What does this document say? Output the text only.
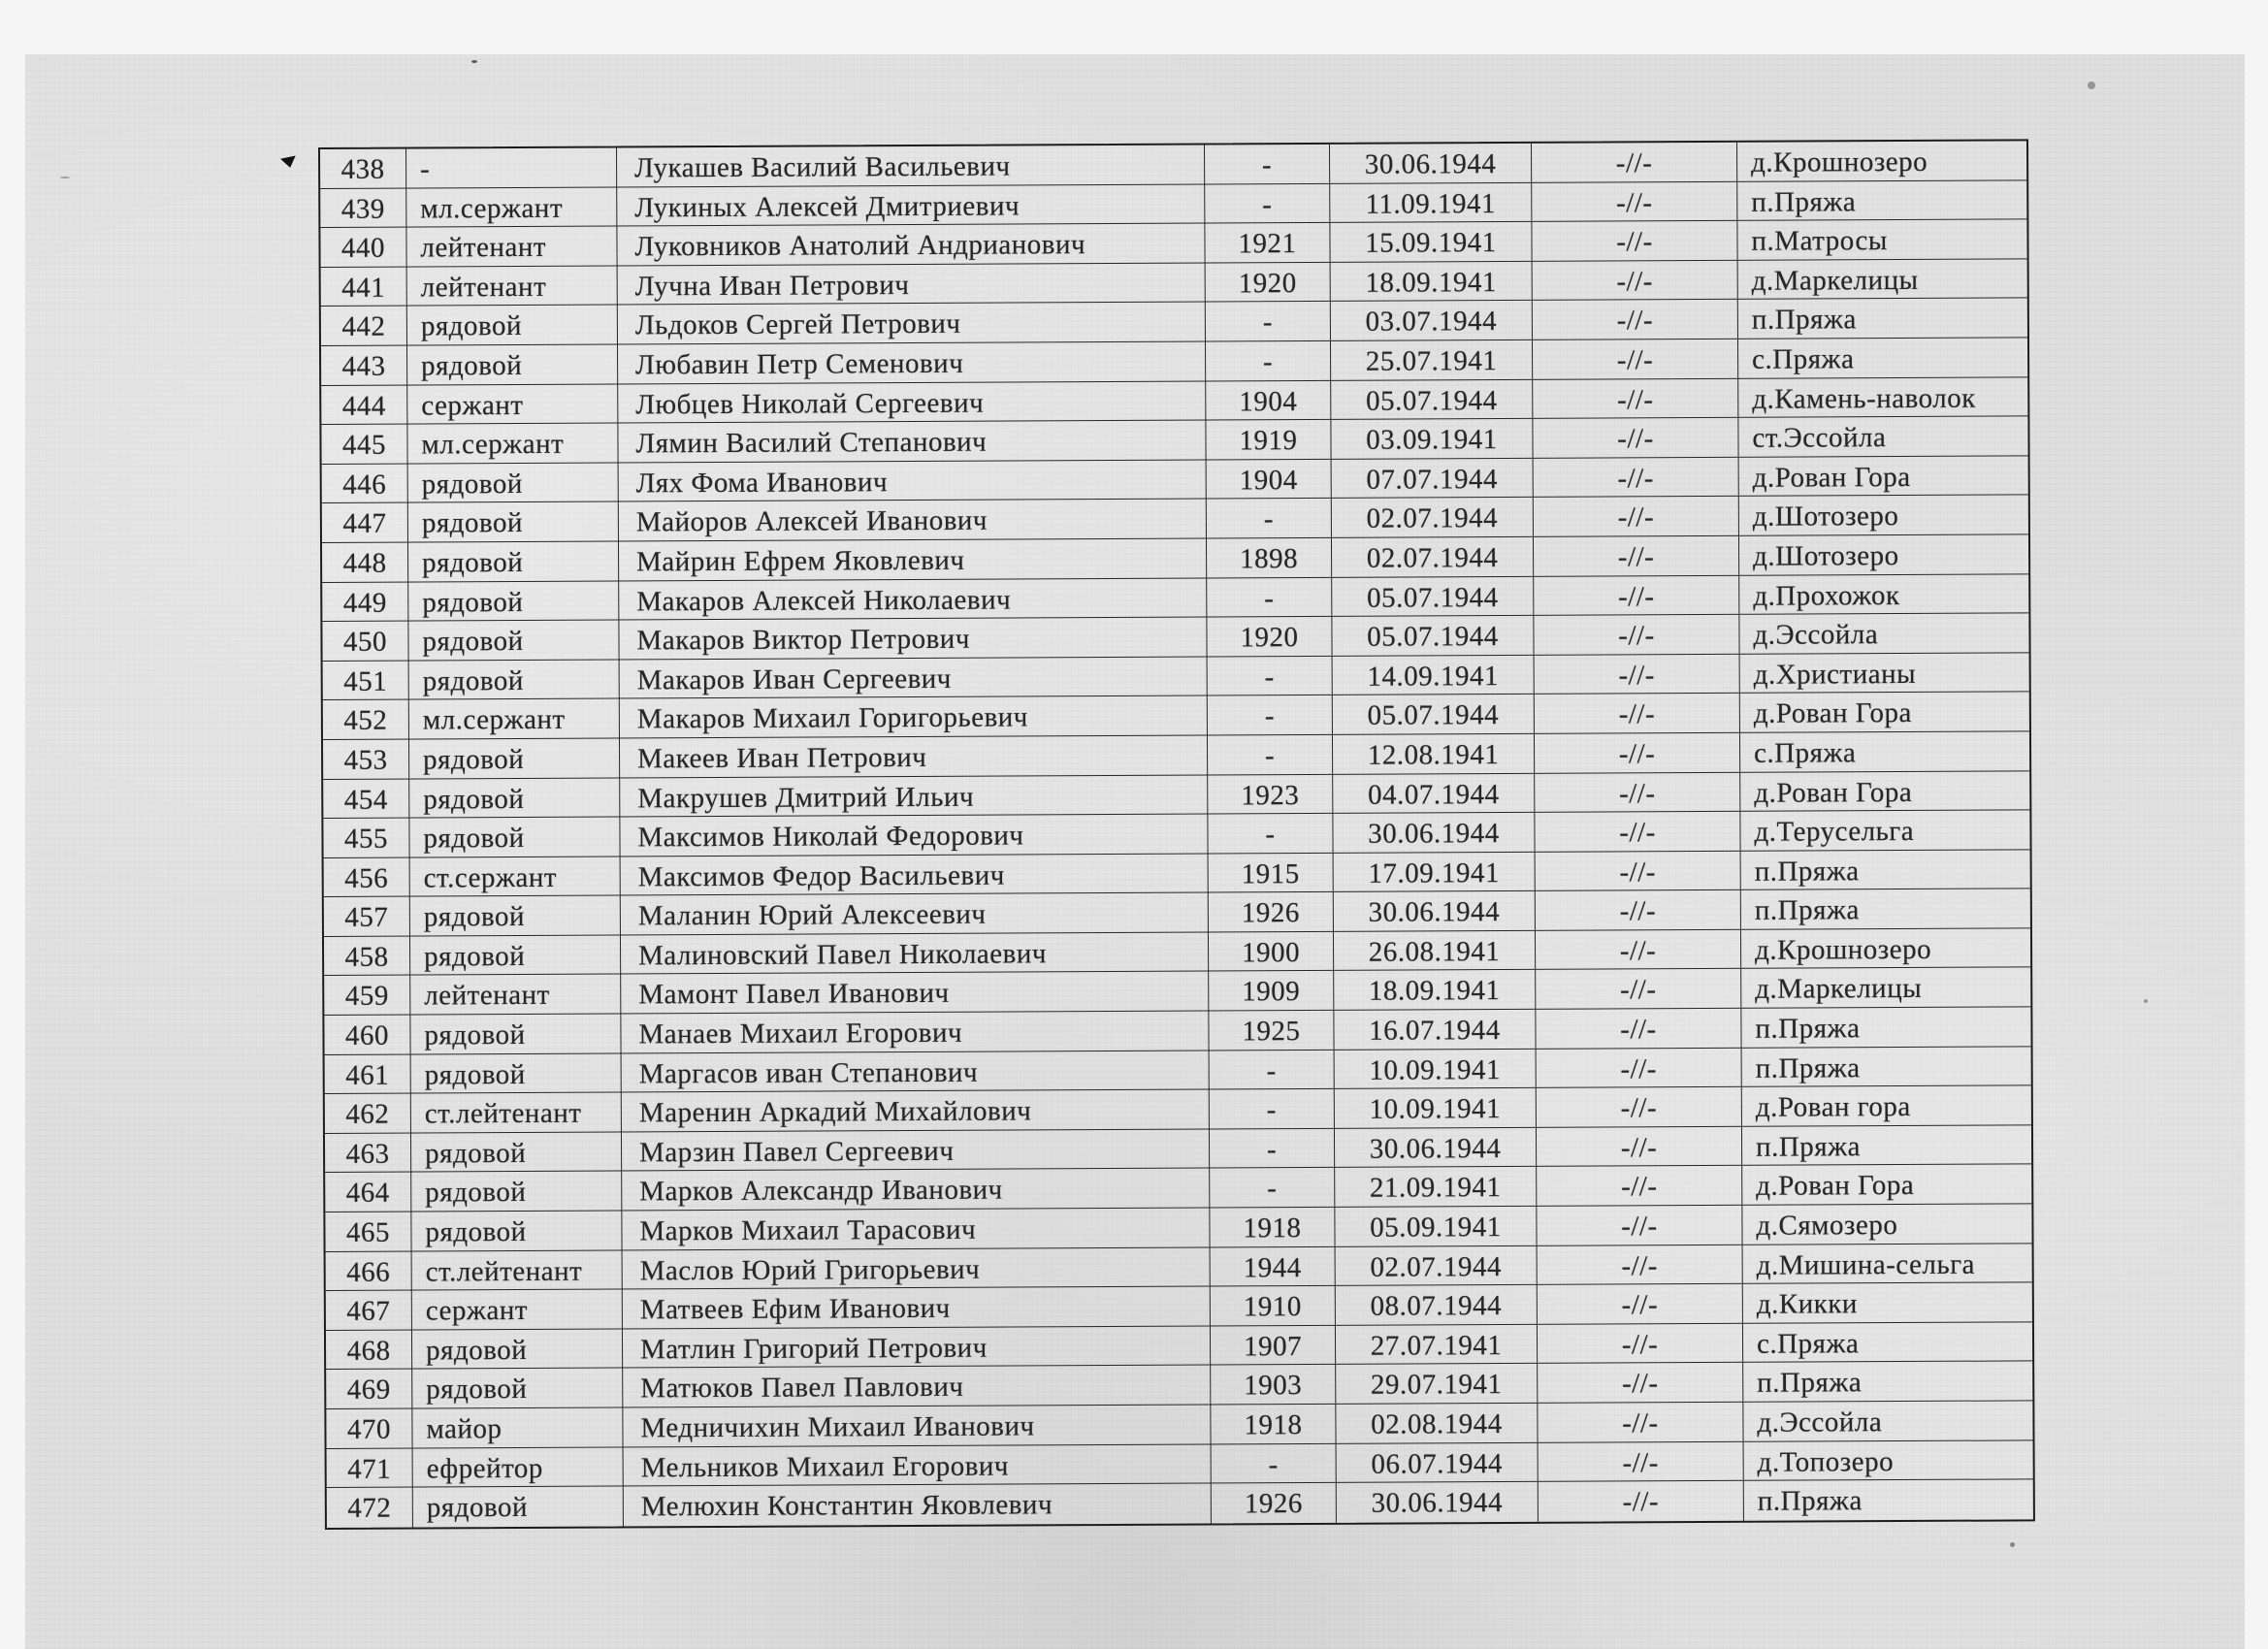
438	-	Лукашев Василий Васильевич	-	30.06.1944	-//-	д.Крошнозеро
439	мл.сержант	Лукиных Алексей Дмитриевич	-	11.09.1941	-//-	п.Пряжа
440	лейтенант	Луковников Анатолий Андрианович	1921	15.09.1941	-//-	п.Матросы
441	лейтенант	Лучна Иван Петрович	1920	18.09.1941	-//-	д.Маркелицы
442	рядовой	Льдоков Сергей Петрович	-	03.07.1944	-//-	п.Пряжа
443	рядовой	Любавин Петр Семенович	-	25.07.1941	-//-	с.Пряжа
444	сержант	Любцев Николай Сергеевич	1904	05.07.1944	-//-	д.Камень-наволок
445	мл.сержант	Лямин Василий Степанович	1919	03.09.1941	-//-	ст.Эссойла
446	рядовой	Лях Фома Иванович	1904	07.07.1944	-//-	д.Рован Гора
447	рядовой	Майоров Алексей Иванович	-	02.07.1944	-//-	д.Шотозеро
448	рядовой	Майрин Ефрем Яковлевич	1898	02.07.1944	-//-	д.Шотозеро
449	рядовой	Макаров Алексей Николаевич	-	05.07.1944	-//-	д.Прохожок
450	рядовой	Макаров Виктор Петрович	1920	05.07.1944	-//-	д.Эссойла
451	рядовой	Макаров Иван Сергеевич	-	14.09.1941	-//-	д.Христианы
452	мл.сержант	Макаров Михаил Горигорьевич	-	05.07.1944	-//-	д.Рован Гора
453	рядовой	Макеев Иван Петрович	-	12.08.1941	-//-	с.Пряжа
454	рядовой	Макрушев Дмитрий Ильич	1923	04.07.1944	-//-	д.Рован Гора
455	рядовой	Максимов Николай Федорович	-	30.06.1944	-//-	д.Терусельга
456	ст.сержант	Максимов Федор Васильевич	1915	17.09.1941	-//-	п.Пряжа
457	рядовой	Маланин Юрий Алексеевич	1926	30.06.1944	-//-	п.Пряжа
458	рядовой	Малиновский Павел Николаевич	1900	26.08.1941	-//-	д.Крошнозеро
459	лейтенант	Мамонт Павел Иванович	1909	18.09.1941	-//-	д.Маркелицы
460	рядовой	Манаев Михаил Егорович	1925	16.07.1944	-//-	п.Пряжа
461	рядовой	Маргасов иван Степанович	-	10.09.1941	-//-	п.Пряжа
462	ст.лейтенант	Маренин Аркадий Михайлович	-	10.09.1941	-//-	д.Рован гора
463	рядовой	Марзин Павел Сергеевич	-	30.06.1944	-//-	п.Пряжа
464	рядовой	Марков Александр Иванович	-	21.09.1941	-//-	д.Рован Гора
465	рядовой	Марков Михаил Тарасович	1918	05.09.1941	-//-	д.Сямозеро
466	ст.лейтенант	Маслов Юрий Григорьевич	1944	02.07.1944	-//-	д.Мишина-сельга
467	сержант	Матвеев Ефим Иванович	1910	08.07.1944	-//-	д.Кикки
468	рядовой	Матлин Григорий Петрович	1907	27.07.1941	-//-	с.Пряжа
469	рядовой	Матюков Павел Павлович	1903	29.07.1941	-//-	п.Пряжа
470	майор	Медничихин Михаил Иванович	1918	02.08.1944	-//-	д.Эссойла
471	ефрейтор	Мельников Михаил Егорович	-	06.07.1944	-//-	д.Топозеро
472	рядовой	Мелюхин Константин Яковлевич	1926	30.06.1944	-//-	п.Пряжа
